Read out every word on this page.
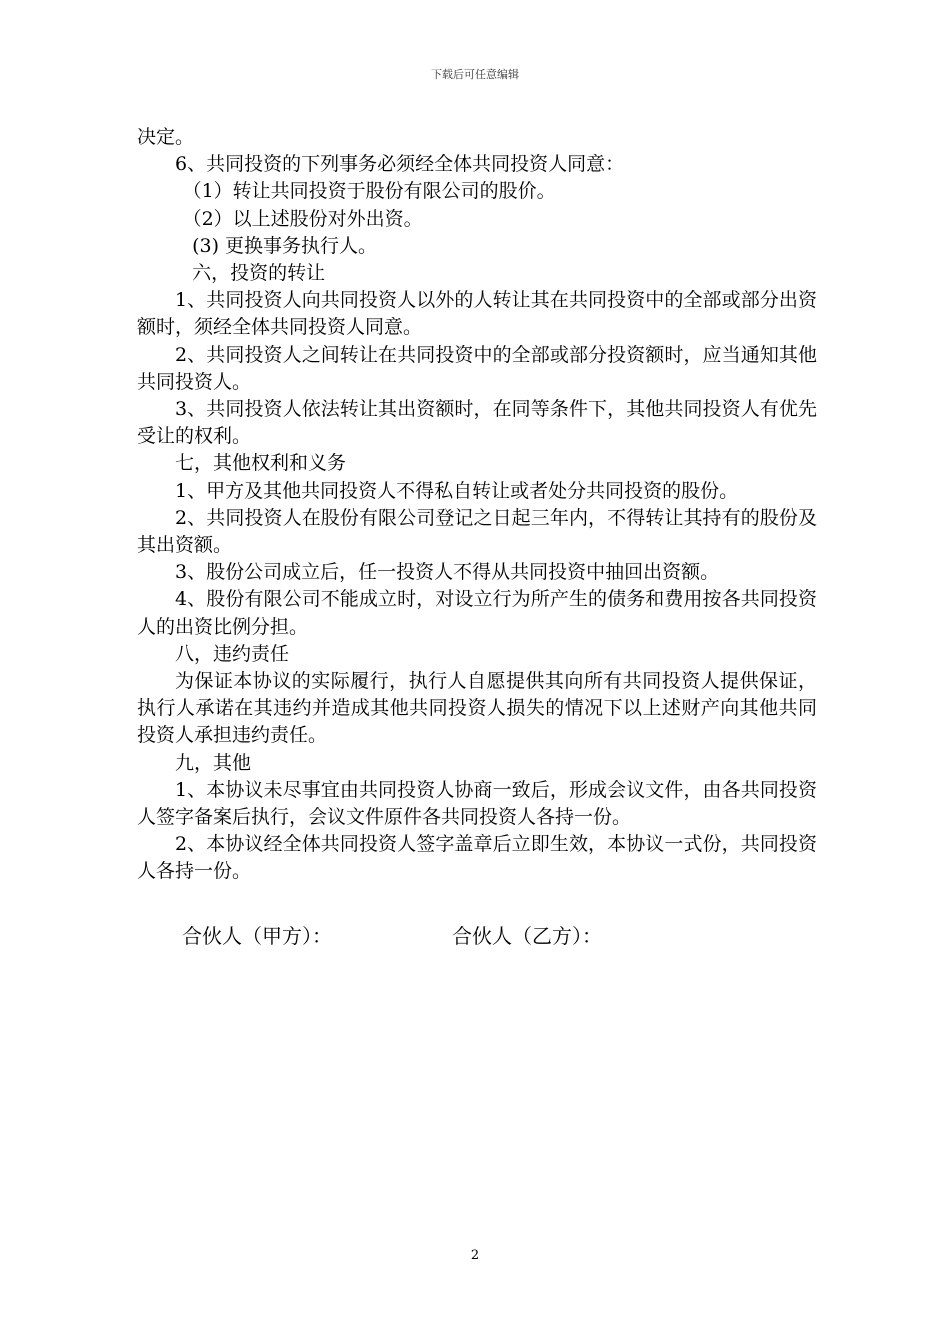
下载后可任意编辑

决定。

6、共同投资的下列事务必须经全体共同投资人同意：

（1）转让共同投资于股份有限公司的股价。

（2）以上述股份对外出资。

(3) 更换事务执行人。

六，投资的转让

1、共同投资人向共同投资人以外的人转让其在共同投资中的全部或部分出资额时，须经全体共同投资人同意。

2、共同投资人之间转让在共同投资中的全部或部分投资额时，应当通知其他共同投资人。

3、共同投资人依法转让其出资额时，在同等条件下，其他共同投资人有优先受让的权利。

七，其他权利和义务

1、甲方及其他共同投资人不得私自转让或者处分共同投资的股份。

2、共同投资人在股份有限公司登记之日起三年内，不得转让其持有的股份及其出资额。

3、股份公司成立后，任一投资人不得从共同投资中抽回出资额。

4、股份有限公司不能成立时，对设立行为所产生的债务和费用按各共同投资人的出资比例分担。

八，违约责任

为保证本协议的实际履行，执行人自愿提供其向所有共同投资人提供保证，执行人承诺在其违约并造成其他共同投资人损失的情况下以上述财产向其他共同投资人承担违约责任。

九，其他

1、本协议未尽事宜由共同投资人协商一致后，形成会议文件，由各共同投资人签字备案后执行，会议文件原件各共同投资人各持一份。

2、本协议经全体共同投资人签字盖章后立即生效，本协议一式份，共同投资人各持一份。

合伙人（甲方）：	合伙人（乙方）：
2
